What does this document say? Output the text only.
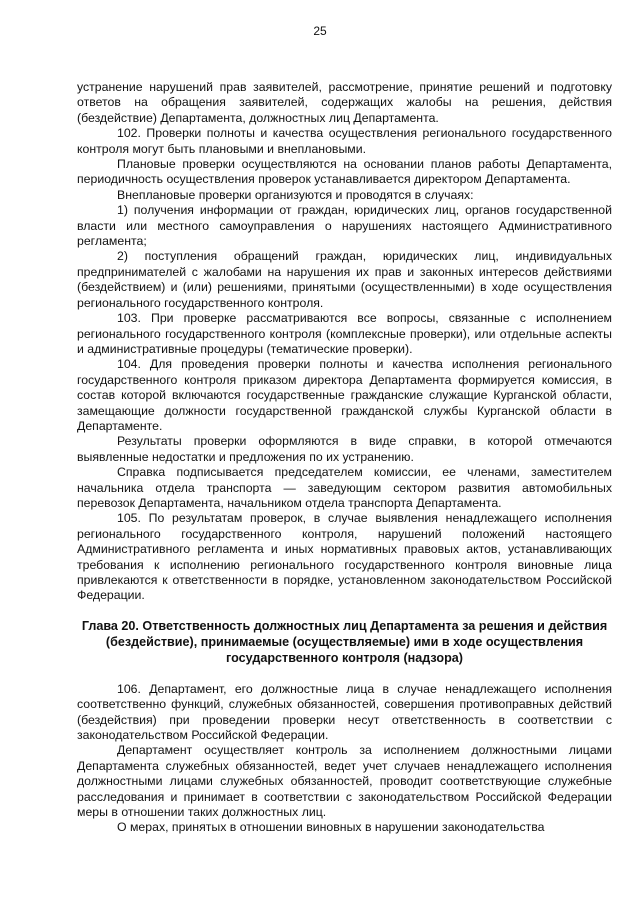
25

устранение нарушений прав заявителей, рассмотрение, принятие решений и подготовку ответов на обращения заявителей, содержащих жалобы на решения, действия (бездействие) Департамента, должностных лиц Департамента.

102. Проверки полноты и качества осуществления регионального государственного контроля могут быть плановыми и внеплановыми.

Плановые проверки осуществляются на основании планов работы Департамента, периодичность осуществления проверок устанавливается директором Департамента.

Внеплановые проверки организуются и проводятся в случаях:

1) получения информации от граждан, юридических лиц, органов государственной власти или местного самоуправления о нарушениях настоящего Административного регламента;

2) поступления обращений граждан, юридических лиц, индивидуальных предпринимателей с жалобами на нарушения их прав и законных интересов действиями (бездействием) и (или) решениями, принятыми (осуществленными) в ходе осуществления регионального государственного контроля.

103. При проверке рассматриваются все вопросы, связанные с исполнением регионального государственного контроля (комплексные проверки), или отдельные аспекты и административные процедуры (тематические проверки).

104. Для проведения проверки полноты и качества исполнения регионального государственного контроля приказом директора Департамента формируется комиссия, в состав которой включаются государственные гражданские служащие Курганской области, замещающие должности государственной гражданской службы Курганской области в Департаменте.

Результаты проверки оформляются в виде справки, в которой отмечаются выявленные недостатки и предложения по их устранению.

Справка подписывается председателем комиссии, ее членами, заместителем начальника отдела транспорта — заведующим сектором развития автомобильных перевозок Департамента, начальником отдела транспорта Департамента.

105. По результатам проверок, в случае выявления ненадлежащего исполнения регионального государственного контроля, нарушений положений настоящего Административного регламента и иных нормативных правовых актов, устанавливающих требования к исполнению регионального государственного контроля виновные лица привлекаются к ответственности в порядке, установленном законодательством Российской Федерации.

Глава 20. Ответственность должностных лиц Департамента за решения и действия (бездействие), принимаемые (осуществляемые) ими в ходе осуществления государственного контроля (надзора)

106. Департамент, его должностные лица в случае ненадлежащего исполнения соответственно функций, служебных обязанностей, совершения противоправных действий (бездействия) при проведении проверки несут ответственность в соответствии с законодательством Российской Федерации.

Департамент осуществляет контроль за исполнением должностными лицами Департамента служебных обязанностей, ведет учет случаев ненадлежащего исполнения должностными лицами служебных обязанностей, проводит соответствующие служебные расследования и принимает в соответствии с законодательством Российской Федерации меры в отношении таких должностных лиц.

О мерах, принятых в отношении виновных в нарушении законодательства
